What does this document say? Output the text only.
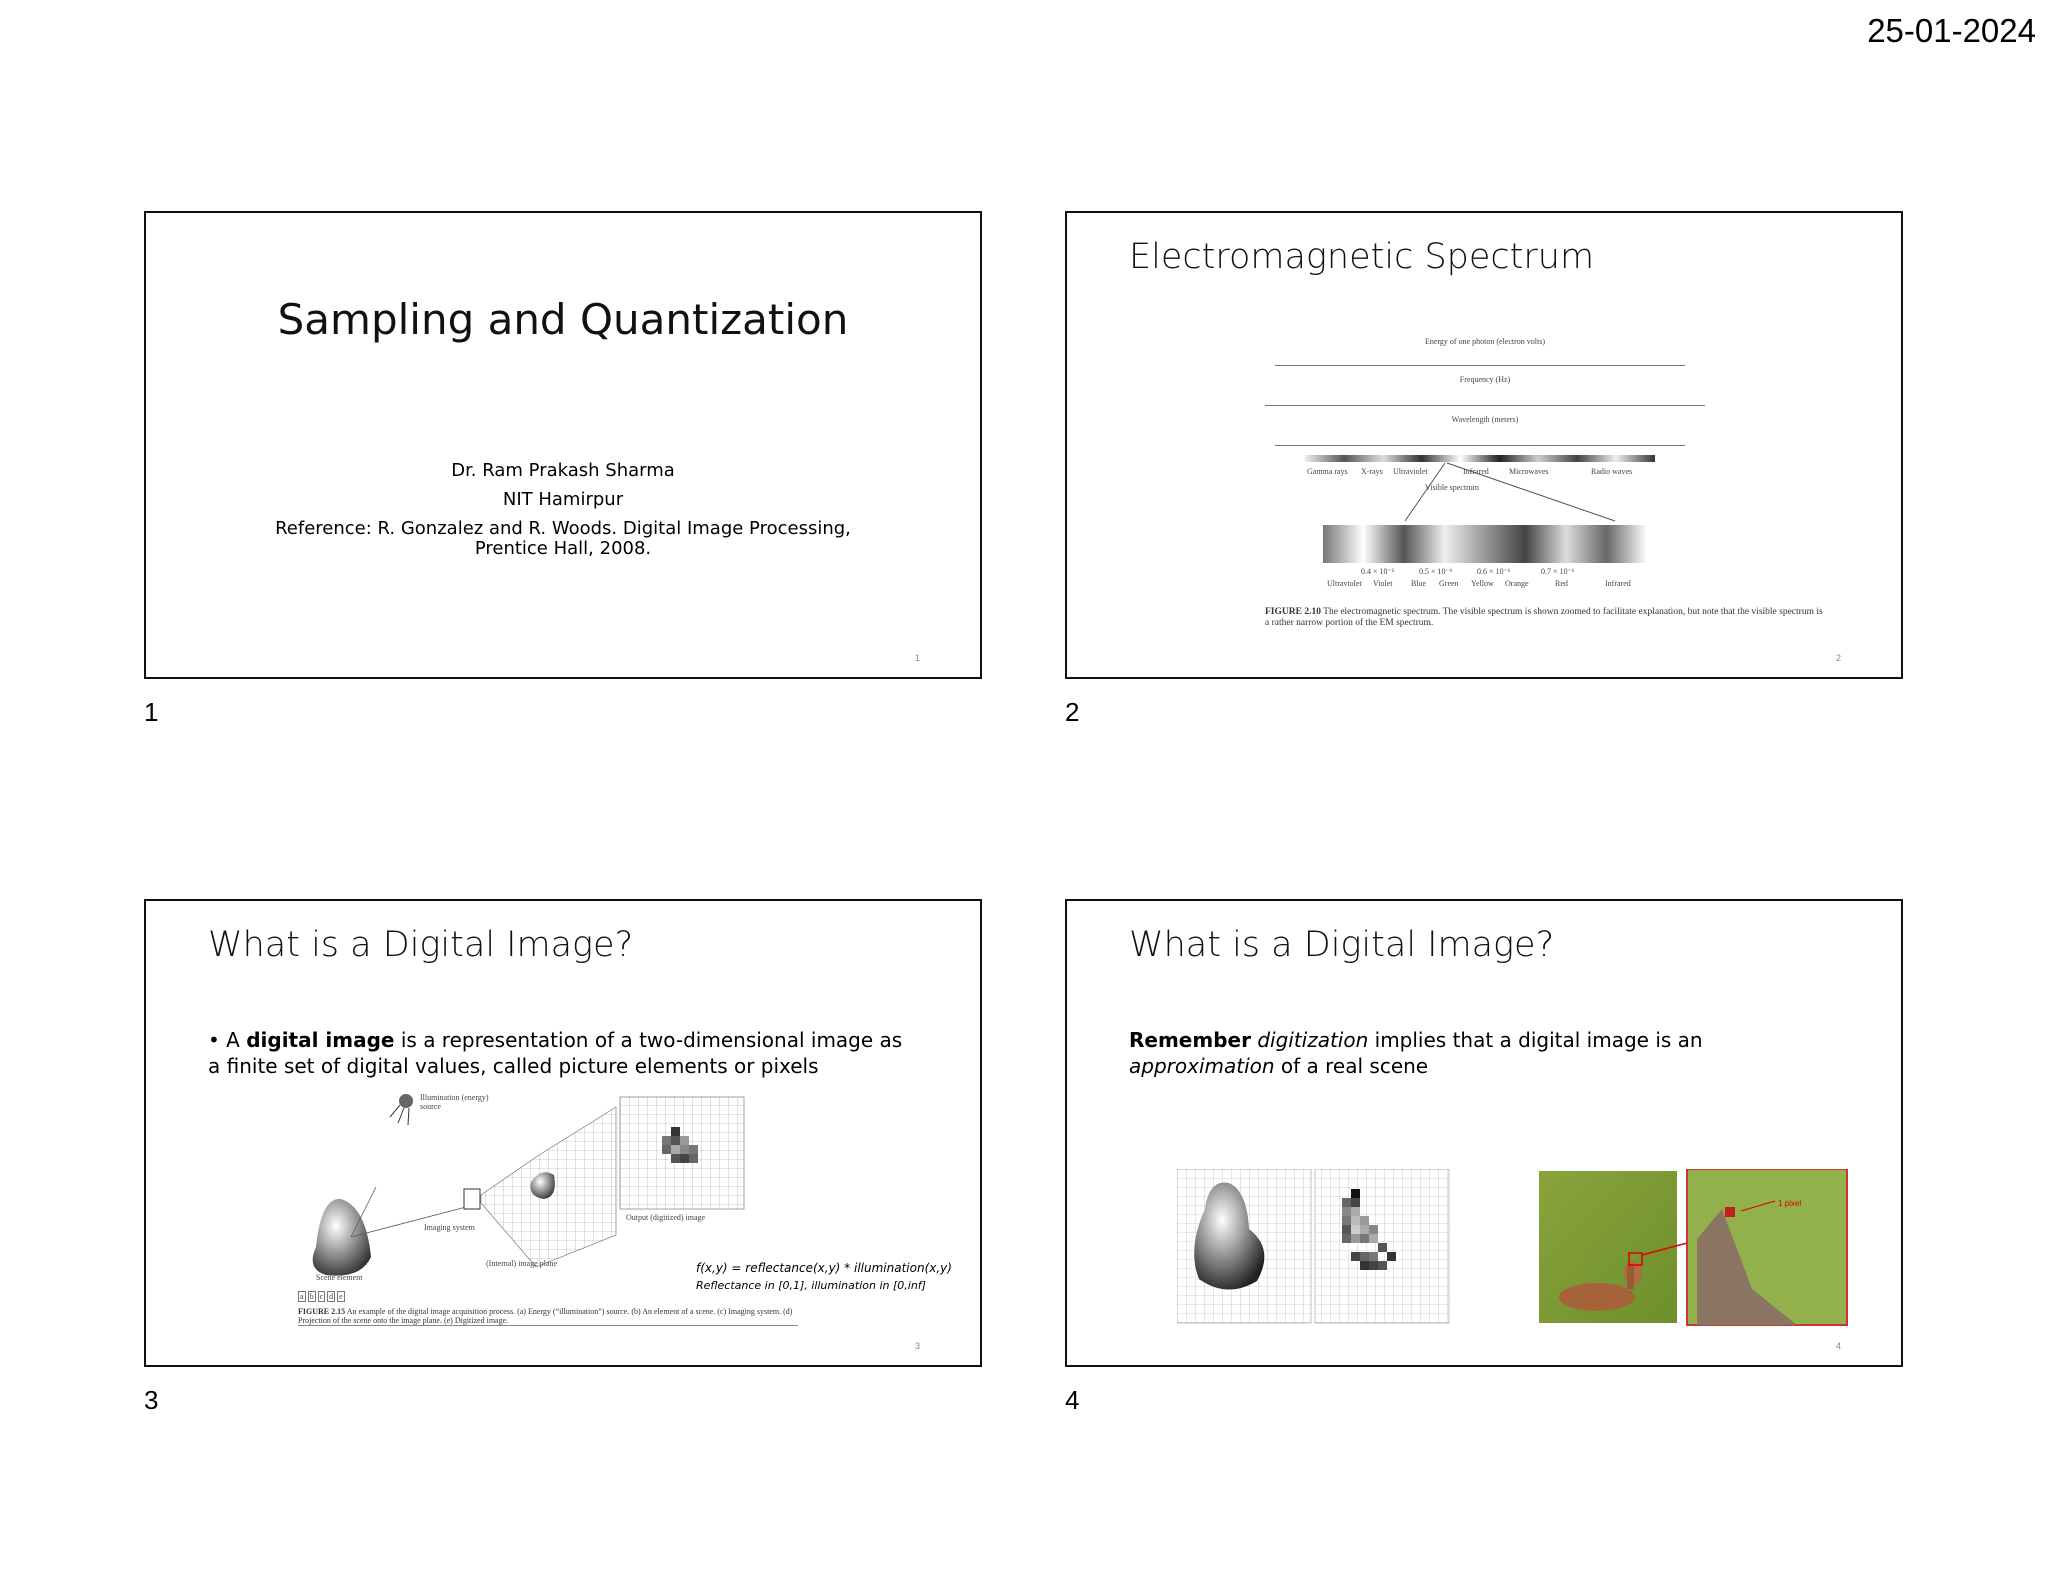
25-01-2024
Sampling and Quantization
Dr. Ram Prakash Sharma
NIT Hamirpur
Reference: R. Gonzalez and R. Woods. Digital Image Processing, Prentice Hall, 2008.
1
1
Electromagnetic Spectrum
Energy of one photon (electron volts)
Frequency (Hz)
Wavelength (meters)
Gamma rays X-rays Ultraviolet	Infrared	Microwaves	Radio waves
Visible spectrum
0.4 × 10⁻⁶	0.5 × 10⁻⁶	0.6 × 10⁻⁶	0.7 × 10⁻⁶
Ultraviolet Violet Blue Green Yellow Orange	Red	Infrared
FIGURE 2.10 The electromagnetic spectrum. The visible spectrum is shown zoomed to facilitate explanation, but note that the visible spectrum is a rather narrow portion of the EM spectrum.
2
2
What is a Digital Image?
• A digital image is a representation of a two-dimensional image as a finite set of digital values, called picture elements or pixels
Illumination (energy) source
Output (digitized) image
Imaging system
(Internal) image plane
Scene element
a b c d e
FIGURE 2.15 An example of the digital image acquisition process. (a) Energy (“illumination”) source. (b) An element of a scene. (c) Imaging system. (d) Projection of the scene onto the image plane. (e) Digitized image.
f(x,y) = reflectance(x,y) * illumination(x,y)
Reflectance in [0,1], illumination in [0,inf]
3
3
What is a Digital Image?
Remember digitization implies that a digital image is an approximation of a real scene
1 pixel
4
4
